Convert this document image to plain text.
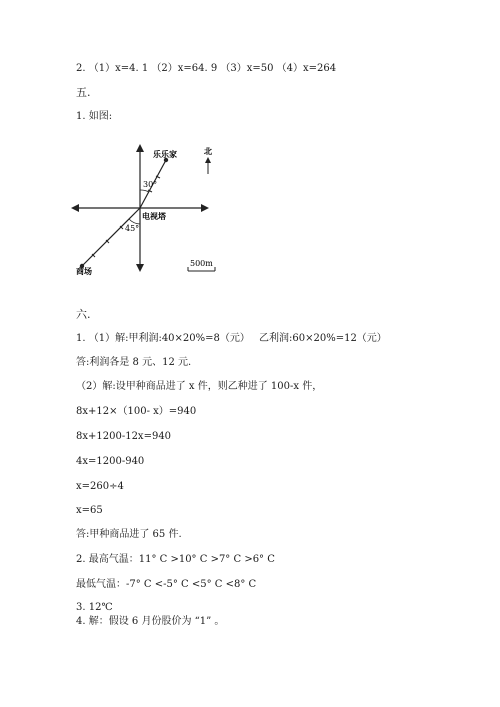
2. （1）x=4. 1 （2）x=64. 9 （3）x=50 （4）x=264
五.
1. 如图:
乐乐家
30°
电视塔
45°
商场
北
500m
六.
1. （1）解:甲利润:40×20%=8（元） 乙利润:60×20%=12（元）
答:利润各是 8 元、12 元.
（2）解:设甲种商品进了 x 件，则乙种进了 100-x 件，
8x+12×（100- x）=940
8x+1200-12x=940
4x=1200-940
x=260÷4
x=65
答:甲种商品进了 65 件.
2. 最高气温：11° C >10° C >7° C >6° C
最低气温：-7° C <-5° C <5° C <8° C
3. 12℃
4. 解：假设 6 月份股价为 “1” 。
